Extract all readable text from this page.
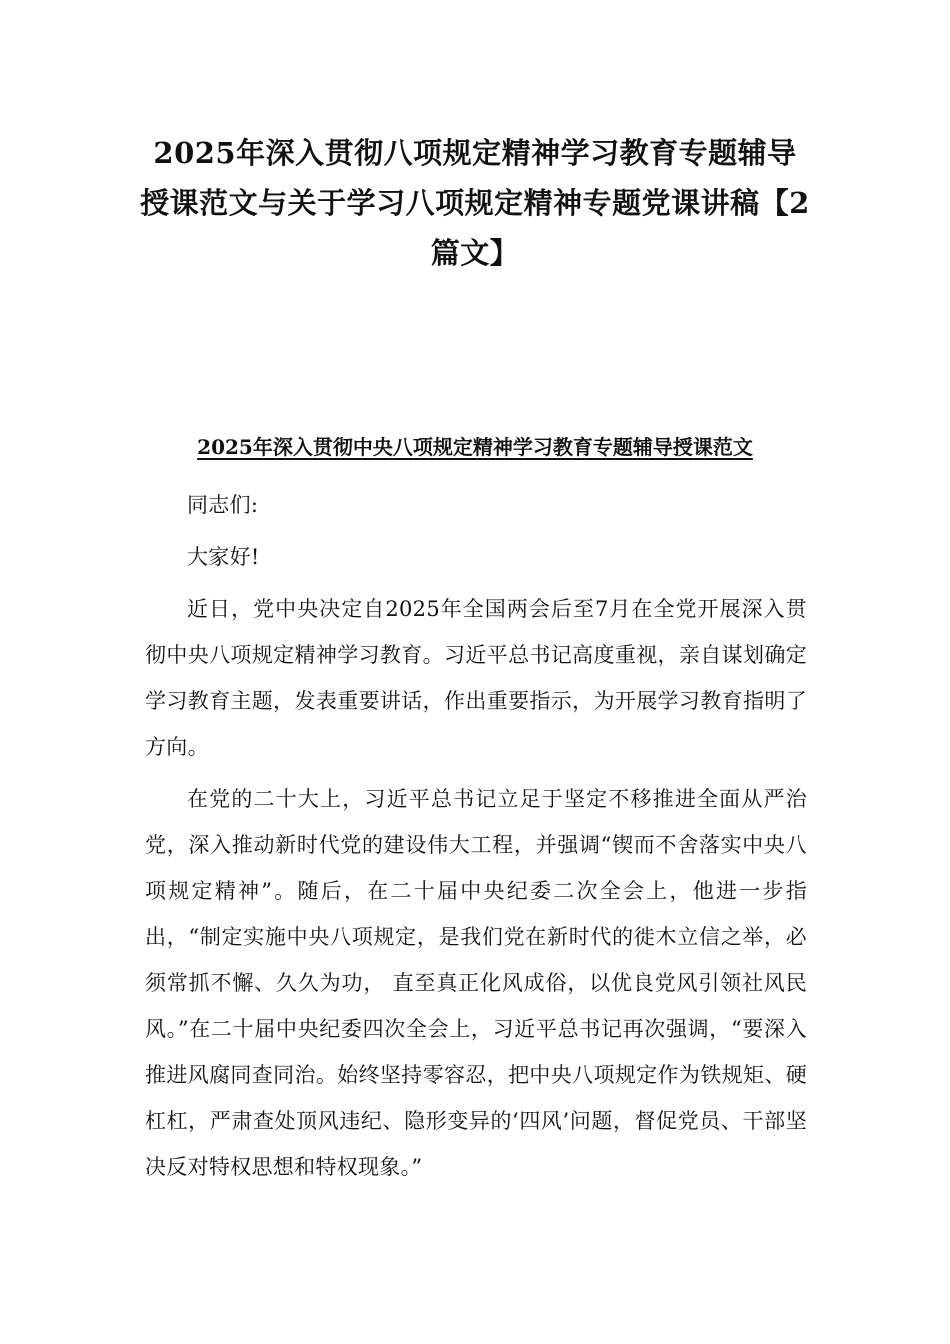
2025年深入贯彻八项规定精神学习教育专题辅导授课范文与关于学习八项规定精神专题党课讲稿【2篇文】
2025年深入贯彻中央八项规定精神学习教育专题辅导授课范文

同志们:

大家好!

近日，党中央决定自2025年全国两会后至7月在全党开展深入贯彻中央八项规定精神学习教育。习近平总书记高度重视，亲自谋划确定学习教育主题，发表重要讲话，作出重要指示，为开展学习教育指明了方向。

在党的二十大上，习近平总书记立足于坚定不移推进全面从严治党，深入推动新时代党的建设伟大工程，并强调“锲而不舍落实中央八项规定精神”。随后，在二十届中央纪委二次全会上，他进一步指出，“制定实施中央八项规定，是我们党在新时代的徙木立信之举，必须常抓不懈、久久为功， 直至真正化风成俗，以优良党风引领社风民风。”在二十届中央纪委四次全会上，习近平总书记再次强调，“要深入推进风腐同查同治。始终坚持零容忍，把中央八项规定作为铁规矩、硬杠杠，严肃查处顶风违纪、隐形变异的‘四风’问题，督促党员、干部坚决反对特权思想和特权现象。”
